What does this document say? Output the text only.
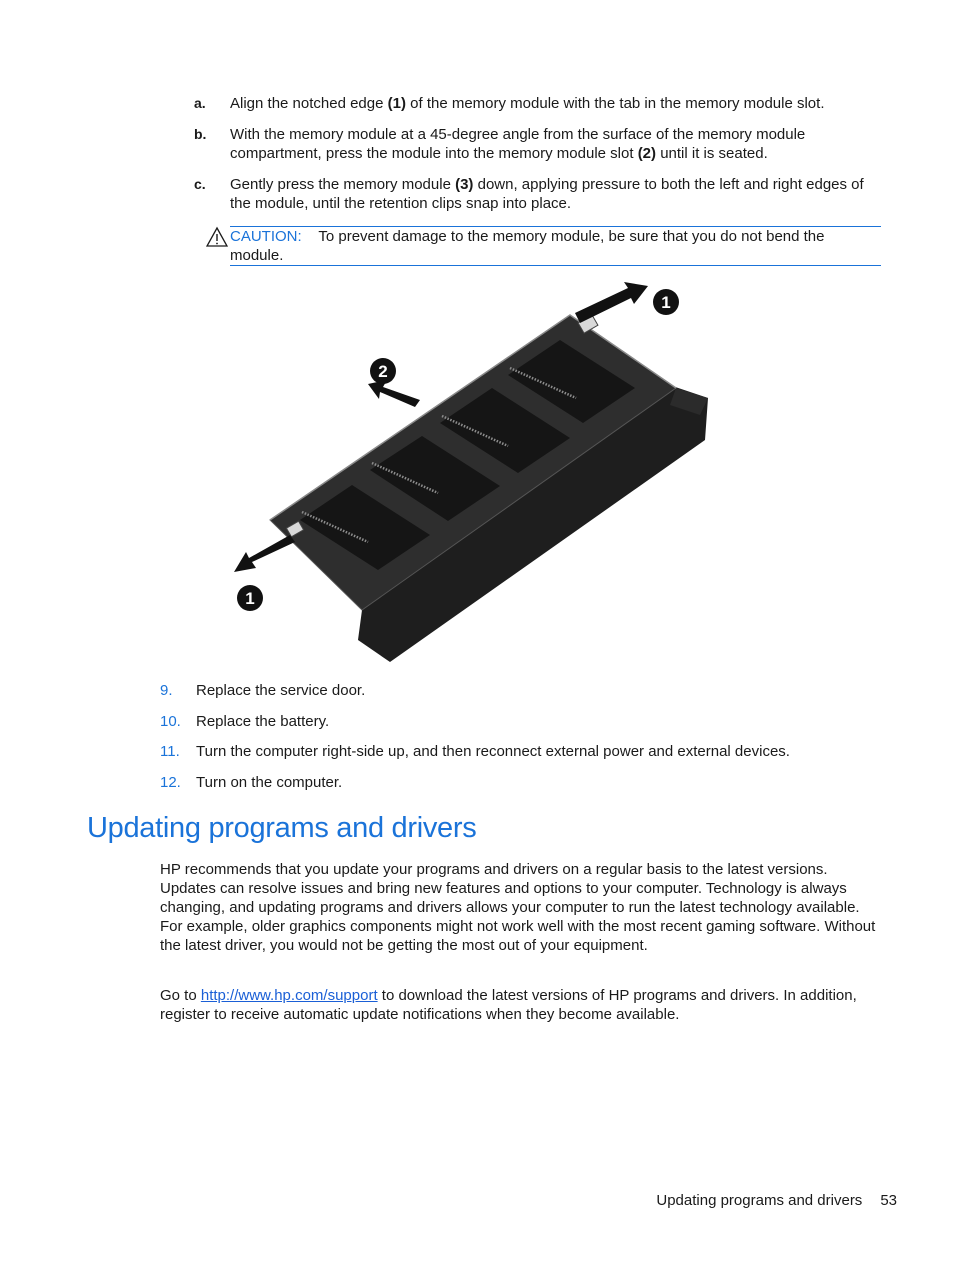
a. Align the notched edge (1) of the memory module with the tab in the memory module slot.
b. With the memory module at a 45-degree angle from the surface of the memory module compartment, press the module into the memory module slot (2) until it is seated.
c. Gently press the memory module (3) down, applying pressure to both the left and right edges of the module, until the retention clips snap into place.
CAUTION: To prevent damage to the memory module, be sure that you do not bend the module.
1
2
1
9. Replace the service door.
10. Replace the battery.
11. Turn the computer right-side up, and then reconnect external power and external devices.
12. Turn on the computer.
Updating programs and drivers

HP recommends that you update your programs and drivers on a regular basis to the latest versions. Updates can resolve issues and bring new features and options to your computer. Technology is always changing, and updating programs and drivers allows your computer to run the latest technology available. For example, older graphics components might not work well with the most recent gaming software. Without the latest driver, you would not be getting the most out of your equipment.

Go to http://www.hp.com/support to download the latest versions of HP programs and drivers. In addition, register to receive automatic update notifications when they become available.

Updating programs and drivers 53
